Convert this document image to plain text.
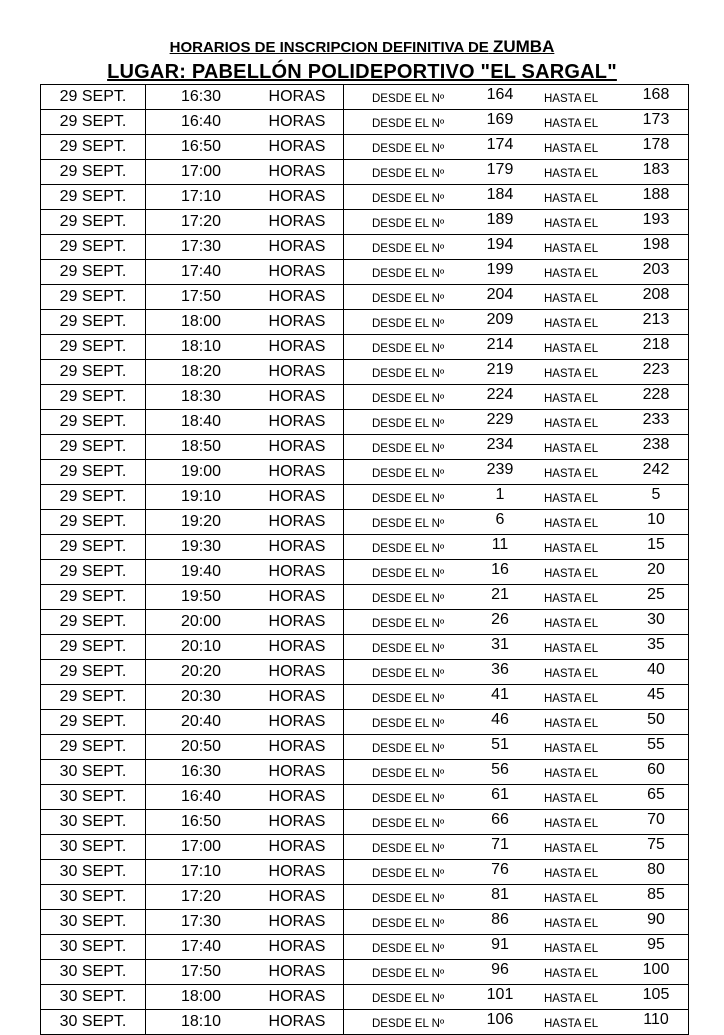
HORARIOS DE INSCRIPCION DEFINITIVA DE ZUMBA
LUGAR: PABELLÓN POLIDEPORTIVO "EL SARGAL"
29 SEPT.	16:30 HORAS	DESDE EL Nº 164 HASTA EL 168
29 SEPT.	16:40 HORAS	DESDE EL Nº 169 HASTA EL 173
29 SEPT.	16:50 HORAS	DESDE EL Nº 174 HASTA EL 178
29 SEPT.	17:00 HORAS	DESDE EL Nº 179 HASTA EL 183
29 SEPT.	17:10 HORAS	DESDE EL Nº 184 HASTA EL 188
29 SEPT.	17:20 HORAS	DESDE EL Nº 189 HASTA EL 193
29 SEPT.	17:30 HORAS	DESDE EL Nº 194 HASTA EL 198
29 SEPT.	17:40 HORAS	DESDE EL Nº 199 HASTA EL 203
29 SEPT.	17:50 HORAS	DESDE EL Nº 204 HASTA EL 208
29 SEPT.	18:00 HORAS	DESDE EL Nº 209 HASTA EL 213
29 SEPT.	18:10 HORAS	DESDE EL Nº 214 HASTA EL 218
29 SEPT.	18:20 HORAS	DESDE EL Nº 219 HASTA EL 223
29 SEPT.	18:30 HORAS	DESDE EL Nº 224 HASTA EL 228
29 SEPT.	18:40 HORAS	DESDE EL Nº 229 HASTA EL 233
29 SEPT.	18:50 HORAS	DESDE EL Nº 234 HASTA EL 238
29 SEPT.	19:00 HORAS	DESDE EL Nº 239 HASTA EL 242
29 SEPT.	19:10 HORAS	DESDE EL Nº 1 HASTA EL 5
29 SEPT.	19:20 HORAS	DESDE EL Nº 6 HASTA EL 10
29 SEPT.	19:30 HORAS	DESDE EL Nº 11 HASTA EL 15
29 SEPT.	19:40 HORAS	DESDE EL Nº 16 HASTA EL 20
29 SEPT.	19:50 HORAS	DESDE EL Nº 21 HASTA EL 25
29 SEPT.	20:00 HORAS	DESDE EL Nº 26 HASTA EL 30
29 SEPT.	20:10 HORAS	DESDE EL Nº 31 HASTA EL 35
29 SEPT.	20:20 HORAS	DESDE EL Nº 36 HASTA EL 40
29 SEPT.	20:30 HORAS	DESDE EL Nº 41 HASTA EL 45
29 SEPT.	20:40 HORAS	DESDE EL Nº 46 HASTA EL 50
29 SEPT.	20:50 HORAS	DESDE EL Nº 51 HASTA EL 55
30 SEPT.	16:30 HORAS	DESDE EL Nº 56 HASTA EL 60
30 SEPT.	16:40 HORAS	DESDE EL Nº 61 HASTA EL 65
30 SEPT.	16:50 HORAS	DESDE EL Nº 66 HASTA EL 70
30 SEPT.	17:00 HORAS	DESDE EL Nº 71 HASTA EL 75
30 SEPT.	17:10 HORAS	DESDE EL Nº 76 HASTA EL 80
30 SEPT.	17:20 HORAS	DESDE EL Nº 81 HASTA EL 85
30 SEPT.	17:30 HORAS	DESDE EL Nº 86 HASTA EL 90
30 SEPT.	17:40 HORAS	DESDE EL Nº 91 HASTA EL 95
30 SEPT.	17:50 HORAS	DESDE EL Nº 96 HASTA EL 100
30 SEPT.	18:00 HORAS	DESDE EL Nº 101 HASTA EL 105
30 SEPT.	18:10 HORAS	DESDE EL Nº 106 HASTA EL 110
